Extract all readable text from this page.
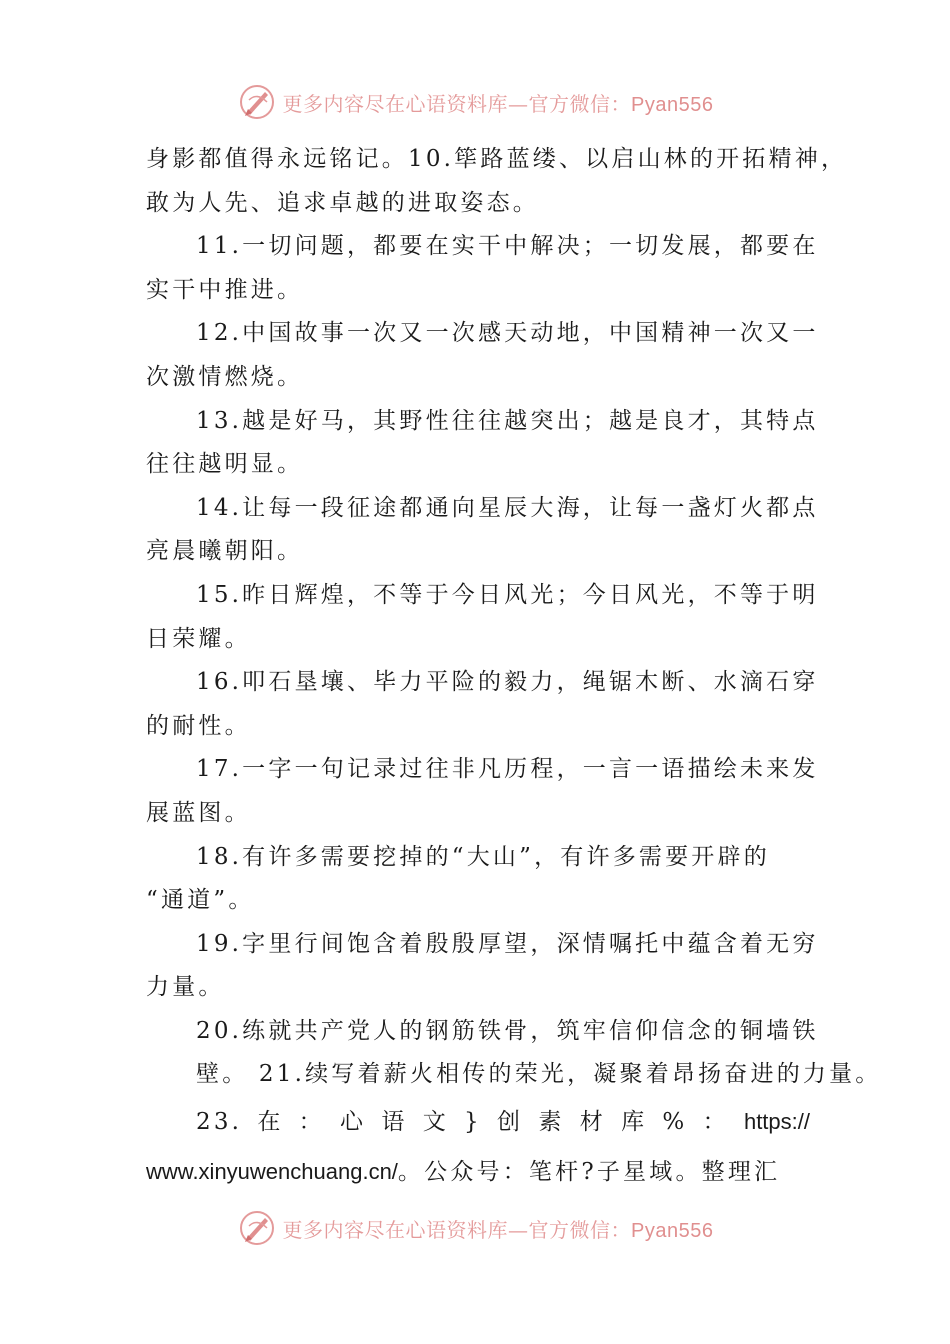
更多内容尽在心语资料库—官方微信：Pyan556

身影都值得永远铭记。10.筚路蓝缕、以启山林的开拓精神，

敢为人先、追求卓越的进取姿态。

11.一切问题，都要在实干中解决；一切发展，都要在

实干中推进。

12.中国故事一次又一次感天动地，中国精神一次又一

次激情燃烧。

13.越是好马，其野性往往越突出；越是良才，其特点

往往越明显。

14.让每一段征途都通向星辰大海，让每一盏灯火都点

亮晨曦朝阳。

15.昨日辉煌，不等于今日风光；今日风光，不等于明

日荣耀。

16.叩石垦壤、毕力平险的毅力，绳锯木断、水滴石穿

的耐性。

17.一字一句记录过往非凡历程，一言一语描绘未来发

展蓝图。

18.有许多需要挖掉的“大山”，有许多需要开辟的

“通道”。

19.字里行间饱含着殷殷厚望，深情嘱托中蕴含着无穷

力量。

20.练就共产党人的钢筋铁骨，筑牢信仰信念的铜墙铁

壁。 21.续写着薪火相传的荣光，凝聚着昂扬奋进的力量。

23. 在 ： 心 语 文 } 创 素 材 库 % ： https://

www.xinyuwenchuang.cn/。公众号：笔杆?子星域。整理汇

更多内容尽在心语资料库—官方微信：Pyan556
